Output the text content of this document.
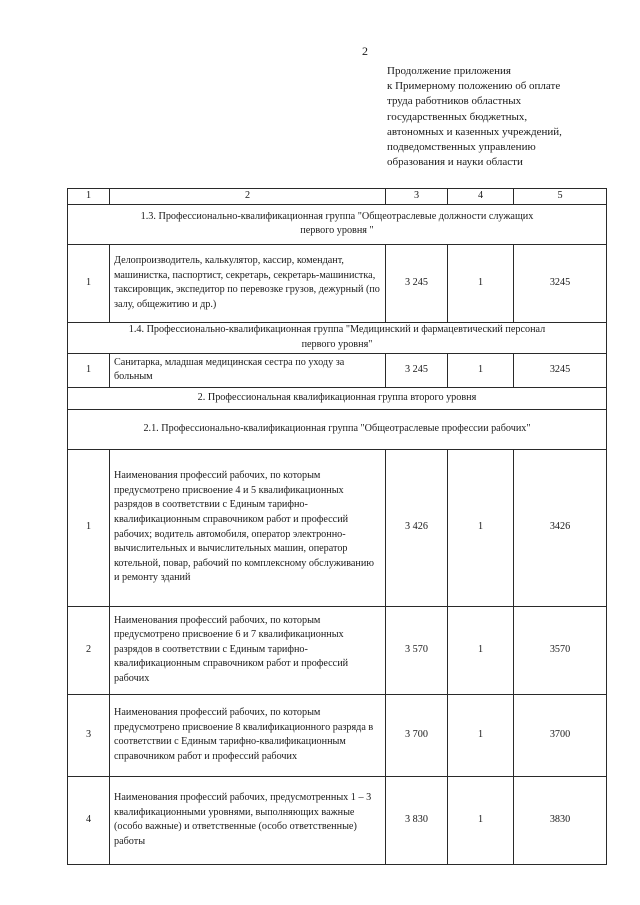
2
Продолжение приложения
к Примерному положению об оплате
труда работников областных
государственных бюджетных,
автономных и казенных учреждений,
подведомственных управлению
образования и науки области
1	2	3	4	5

1.3. Профессионально-квалификационная группа "Общеотраслевые должности служащих
первого уровня "				

1	Делопроизводитель, калькулятор, кассир, комендант, машинистка, паспортист, секретарь, секретарь-машинистка, таксировщик, экспедитор по перевозке грузов, дежурный (по залу, общежитию и др.)	3 245	1	3245

1.4. Профессионально-квалификационная группа "Медицинский и фармацевтический персонал
первого уровня"				

1	Санитарка, младшая медицинская сестра по уходу за больным	3 245	1	3245
2. Профессиональная квалификационная группа второго уровня				
2.1. Профессионально-квалификационная группа "Общеотраслевые профессии рабочих"				
1	Наименования профессий рабочих, по которым предусмотрено присвоение 4 и 5 квалификационных разрядов в соответствии с Единым тарифно-квалификационным справочником работ и профессий рабочих; водитель автомобиля, оператор электронно-вычислительных и вычислительных машин, оператор котельной, повар, рабочий по комплексному обслуживанию и ремонту зданий	3 426	1	3426
2	Наименования профессий рабочих, по которым предусмотрено присвоение 6 и 7 квалификационных разрядов в соответствии с Единым тарифно-квалификационным справочником работ и профессий рабочих	3 570	1	3570
3	Наименования профессий рабочих, по которым предусмотрено присвоение 8 квалификационного разряда в соответствии с Единым тарифно-квалификационным справочником работ и профессий рабочих	3 700	1	3700
4	Наименования профессий рабочих, предусмотренных 1 – 3 квалификационными уровнями, выполняющих важные (особо важные) и ответственные (особо ответственные) работы	3 830	1	3830
